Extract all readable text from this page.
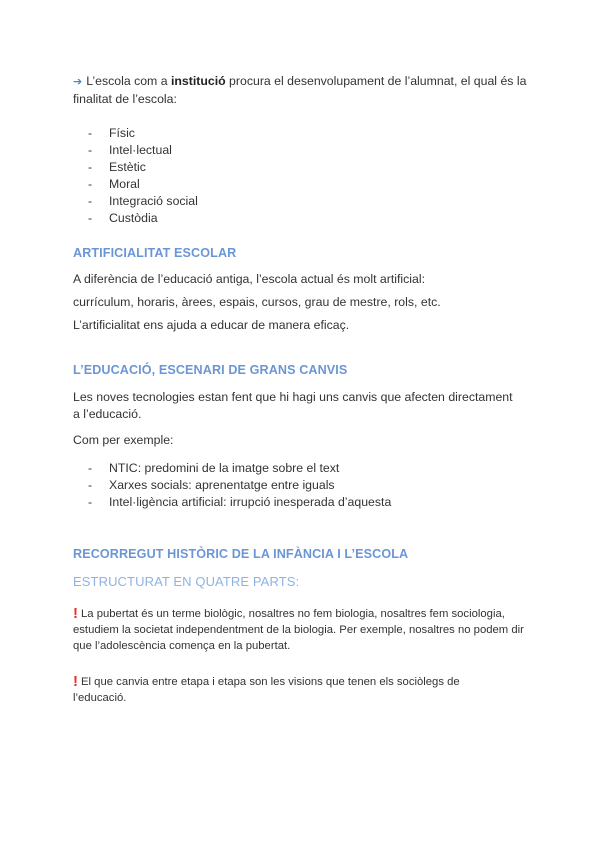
➔ L’escola com a institució procura el desenvolupament de l’alumnat, el qual és la finalitat de l’escola:
- Físic
- Intel·lectual
- Estètic
- Moral
- Integració social
- Custòdia
ARTIFICIALITAT ESCOLAR
A diferència de l’educació antiga, l’escola actual és molt artificial:
currículum, horaris, àrees, espais, cursos, grau de mestre, rols, etc.
L’artificialitat ens ajuda a educar de manera eficaç.
L’EDUCACIÓ, ESCENARI DE GRANS CANVIS
Les noves tecnologies estan fent que hi hagi uns canvis que afecten directament a l’educació.
Com per exemple:
- NTIC: predomini de la imatge sobre el text
- Xarxes socials: aprenentatge entre iguals
- Intel·ligència artificial: irrupció inesperada d’aquesta
RECORREGUT HISTÒRIC DE LA INFÀNCIA I L’ESCOLA
ESTRUCTURAT EN QUATRE PARTS:
! La pubertat és un terme biològic, nosaltres no fem biologia, nosaltres fem sociologia, estudiem la societat independentment de la biologia. Per exemple, nosaltres no podem dir que l’adolescència comença en la pubertat.
! El que canvia entre etapa i etapa son les visions que tenen els sociòlegs de l’educació.
